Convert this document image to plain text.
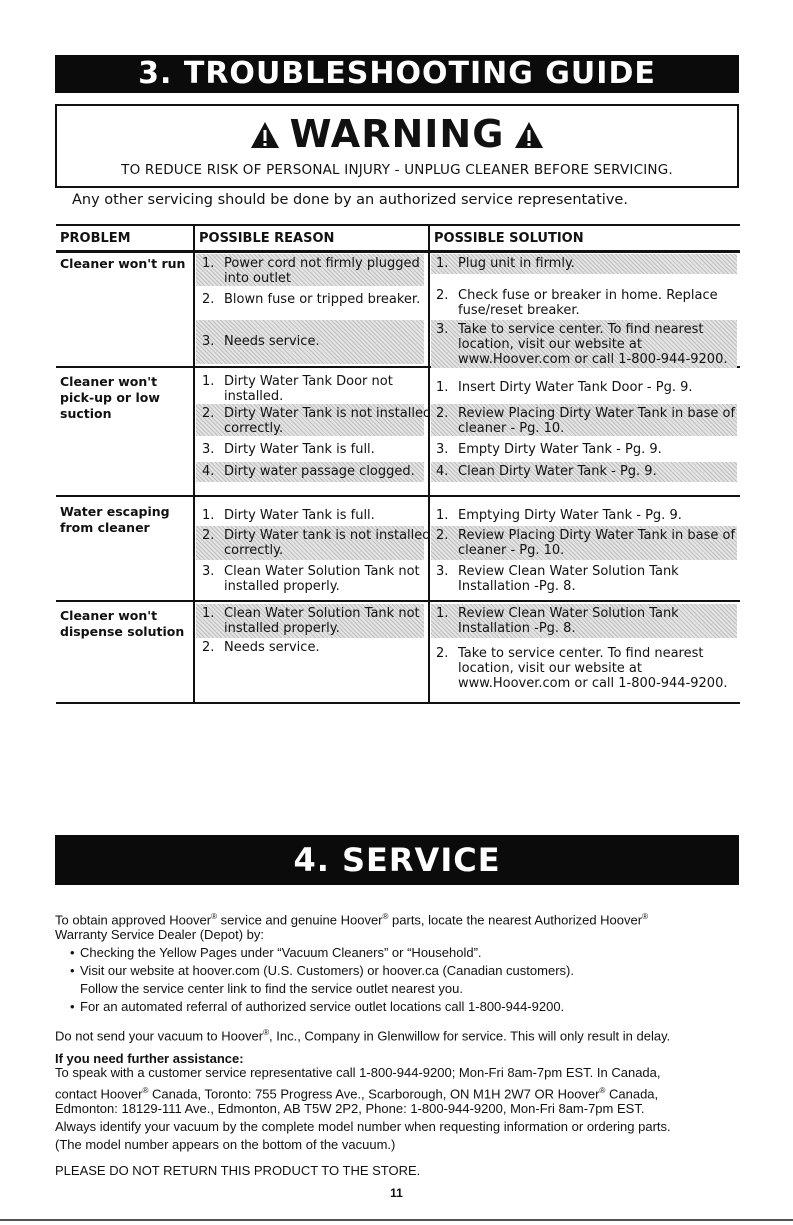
3. TROUBLESHOOTING GUIDE
WARNING
TO REDUCE RISK OF PERSONAL INJURY - UNPLUG CLEANER BEFORE SERVICING.
Any other servicing should be done by an authorized service representative.
PROBLEM	POSSIBLE REASON	POSSIBLE SOLUTION
Cleaner won't run 1. Power cord not firmly plugged into outlet
2. Blown fuse or tripped breaker.
3. Needs service.
1. Plug unit in firmly.
2. Check fuse or breaker in home. Replace fuse/reset breaker.
3. Take to service center. To find nearest location, visit our website at www.Hoover.com or call 1-800-944-9200.
Cleaner won't pick-up or low suction
1. Dirty Water Tank Door not installed.
2. Dirty Water Tank is not installed correctly.
3. Dirty Water Tank is full.
4. Dirty water passage clogged.
1. Insert Dirty Water Tank Door - Pg. 9.
2. Review Placing Dirty Water Tank in base of cleaner - Pg. 10.
3. Empty Dirty Water Tank - Pg. 9.
4. Clean Dirty Water Tank - Pg. 9.
Water escaping from cleaner
1. Dirty Water Tank is full.
2. Dirty Water tank is not installed correctly.
3. Clean Water Solution Tank not installed properly.
1. Emptying Dirty Water Tank - Pg. 9.
2. Review Placing Dirty Water Tank in base of cleaner - Pg. 10.
3. Review Clean Water Solution Tank Installation -Pg. 8.
Cleaner won't dispense solution
1. Clean Water Solution Tank not installed properly.
2. Needs service.
1. Review Clean Water Solution Tank Installation -Pg. 8.
2. Take to service center. To find nearest location, visit our website at www.Hoover.com or call 1-800-944-9200.
4. SERVICE
To obtain approved Hoover® service and genuine Hoover® parts, locate the nearest Authorized Hoover®
Warranty Service Dealer (Depot) by:
• Checking the Yellow Pages under “Vacuum Cleaners” or “Household”.
• Visit our website at hoover.com (U.S. Customers) or hoover.ca (Canadian customers).
Follow the service center link to find the service outlet nearest you.
• For an automated referral of authorized service outlet locations call 1-800-944-9200.
Do not send your vacuum to Hoover®, Inc., Company in Glenwillow for service. This will only result in delay.
If you need further assistance:
To speak with a customer service representative call 1-800-944-9200; Mon-Fri 8am-7pm EST. In Canada,
contact Hoover® Canada, Toronto: 755 Progress Ave., Scarborough, ON M1H 2W7 OR Hoover® Canada,
Edmonton: 18129-111 Ave., Edmonton, AB T5W 2P2, Phone: 1-800-944-9200, Mon-Fri 8am-7pm EST.
Always identify your vacuum by the complete model number when requesting information or ordering parts.
(The model number appears on the bottom of the vacuum.)
PLEASE DO NOT RETURN THIS PRODUCT TO THE STORE.
11
